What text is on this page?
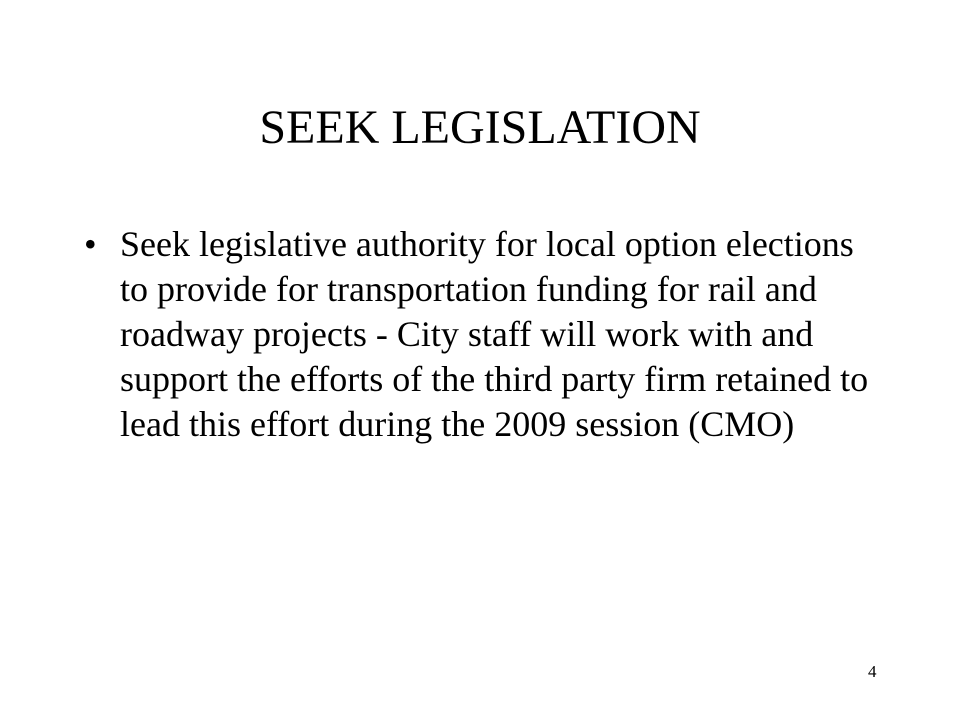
SEEK LEGISLATION
• Seek legislative authority for local option elections to provide for transportation funding for rail and roadway projects - City staff will work with and support the efforts of the third party firm retained to lead this effort during the 2009 session (CMO)
4
